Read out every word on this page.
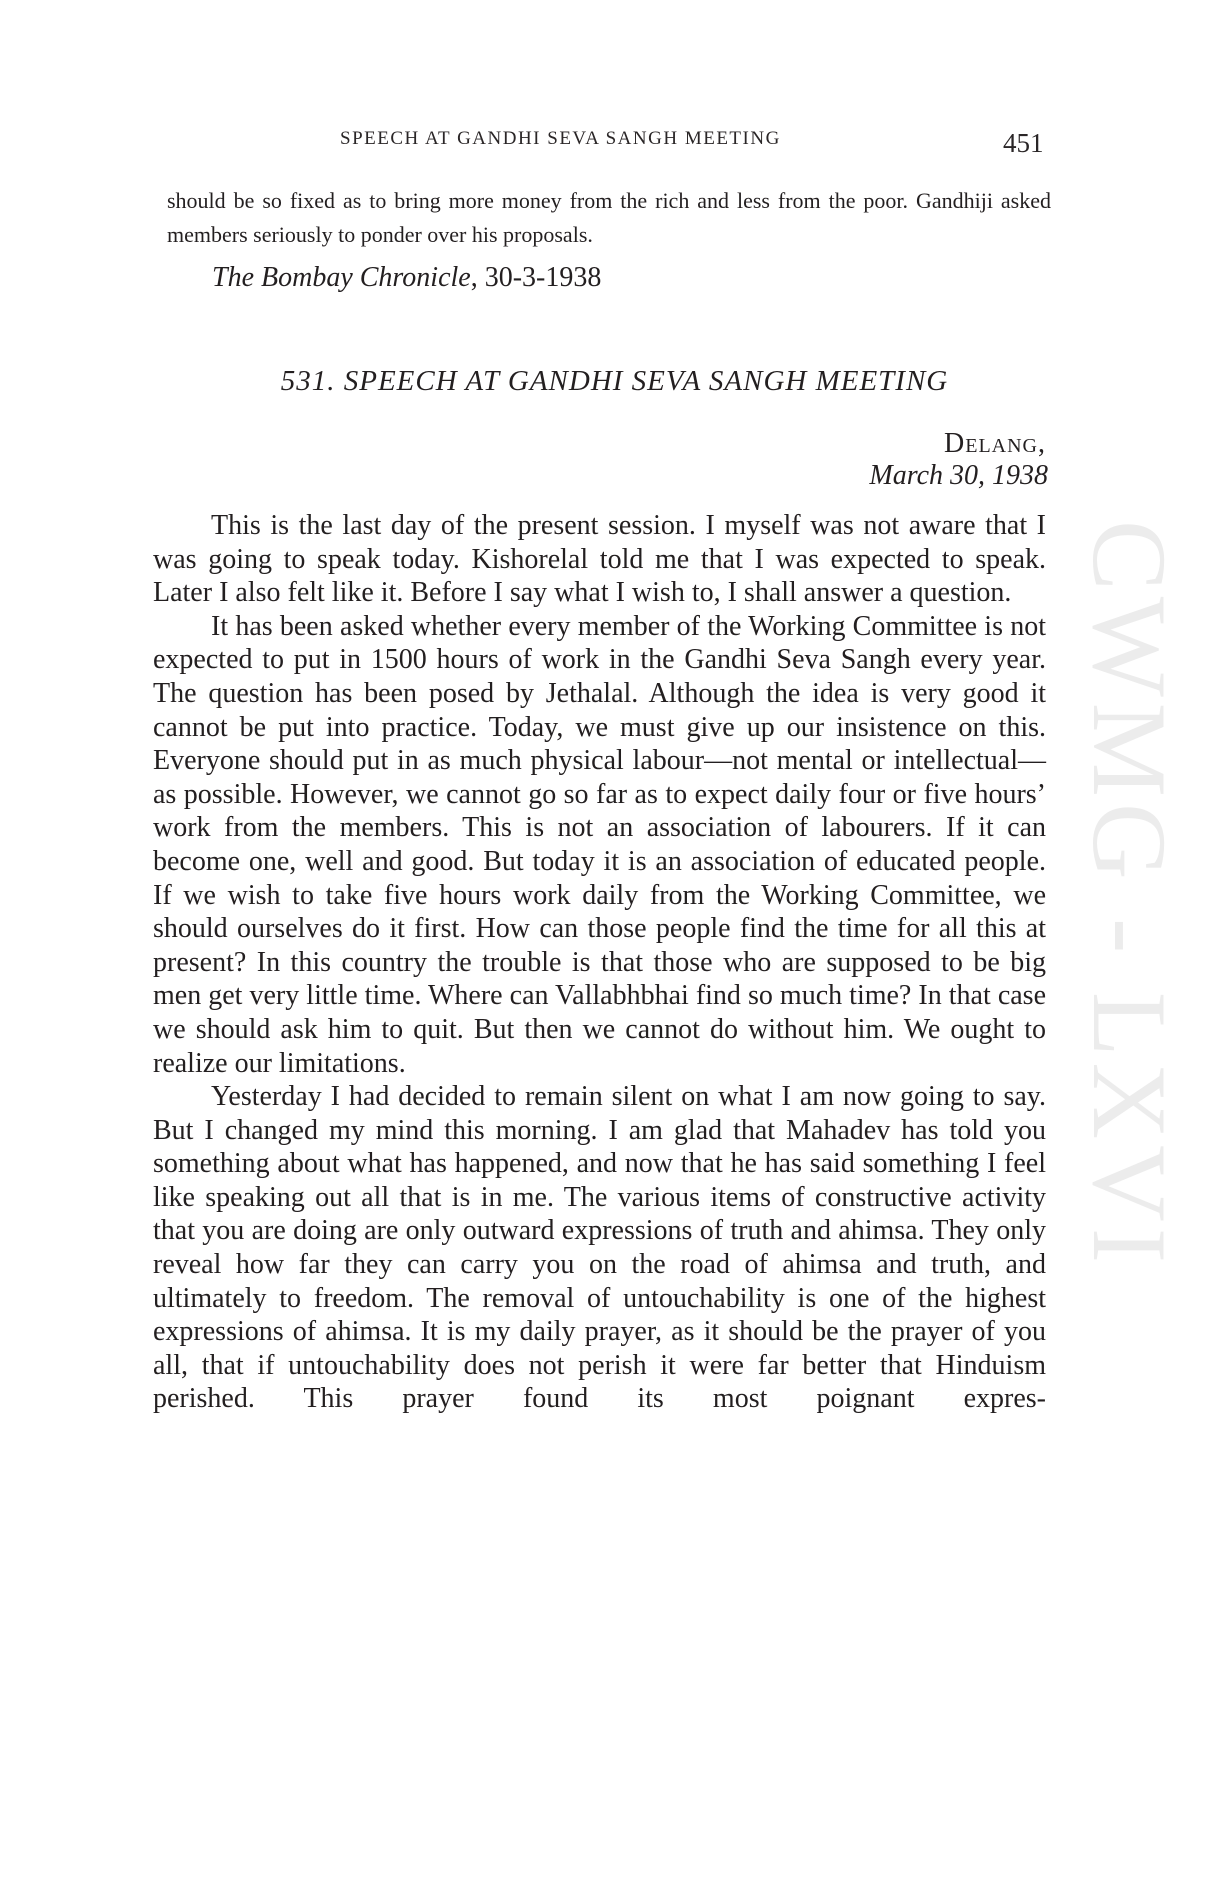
SPEECH AT GANDHI SEVA SANGH MEETING	451
should be so fixed as to bring more money from the rich and less from the poor. Gandhiji asked members seriously to ponder over his proposals.
The Bombay Chronicle, 30-3-1938
531. SPEECH AT GANDHI SEVA SANGH MEETING
Delang,
March 30, 1938

This is the last day of the present session. I myself was not aware that I was going to speak today. Kishorelal told me that I was expected to speak. Later I also felt like it. Before I say what I wish to, I shall answer a question.

It has been asked whether every member of the Working Committee is not expected to put in 1500 hours of work in the Gandhi Seva Sangh every year. The question has been posed by Jethalal. Although the idea is very good it cannot be put into practice. Today, we must give up our insistence on this. Everyone should put in as much physical labour—not mental or intellectual—as possible. However, we cannot go so far as to expect daily four or five hours’ work from the members. This is not an association of labourers. If it can become one, well and good. But today it is an association of educated people. If we wish to take five hours work daily from the Working Committee, we should ourselves do it first. How can those people find the time for all this at present? In this country the trouble is that those who are supposed to be big men get very little time. Where can Vallabhbhai find so much time? In that case we should ask him to quit. But then we cannot do without him. We ought to realize our limitations.

Yesterday I had decided to remain silent on what I am now going to say. But I changed my mind this morning. I am glad that Mahadev has told you something about what has happened, and now that he has said something I feel like speaking out all that is in me. The various items of constructive activity that you are doing are only outward expressions of truth and ahimsa. They only reveal how far they can carry you on the road of ahimsa and truth, and ultimately to freedom. The removal of untouchability is one of the highest expressions of ahimsa. It is my daily prayer, as it should be the prayer of you all, that if untouchability does not perish it were far better that Hinduism perished. This prayer found its most poignant expres-

CWMG - LXVI
